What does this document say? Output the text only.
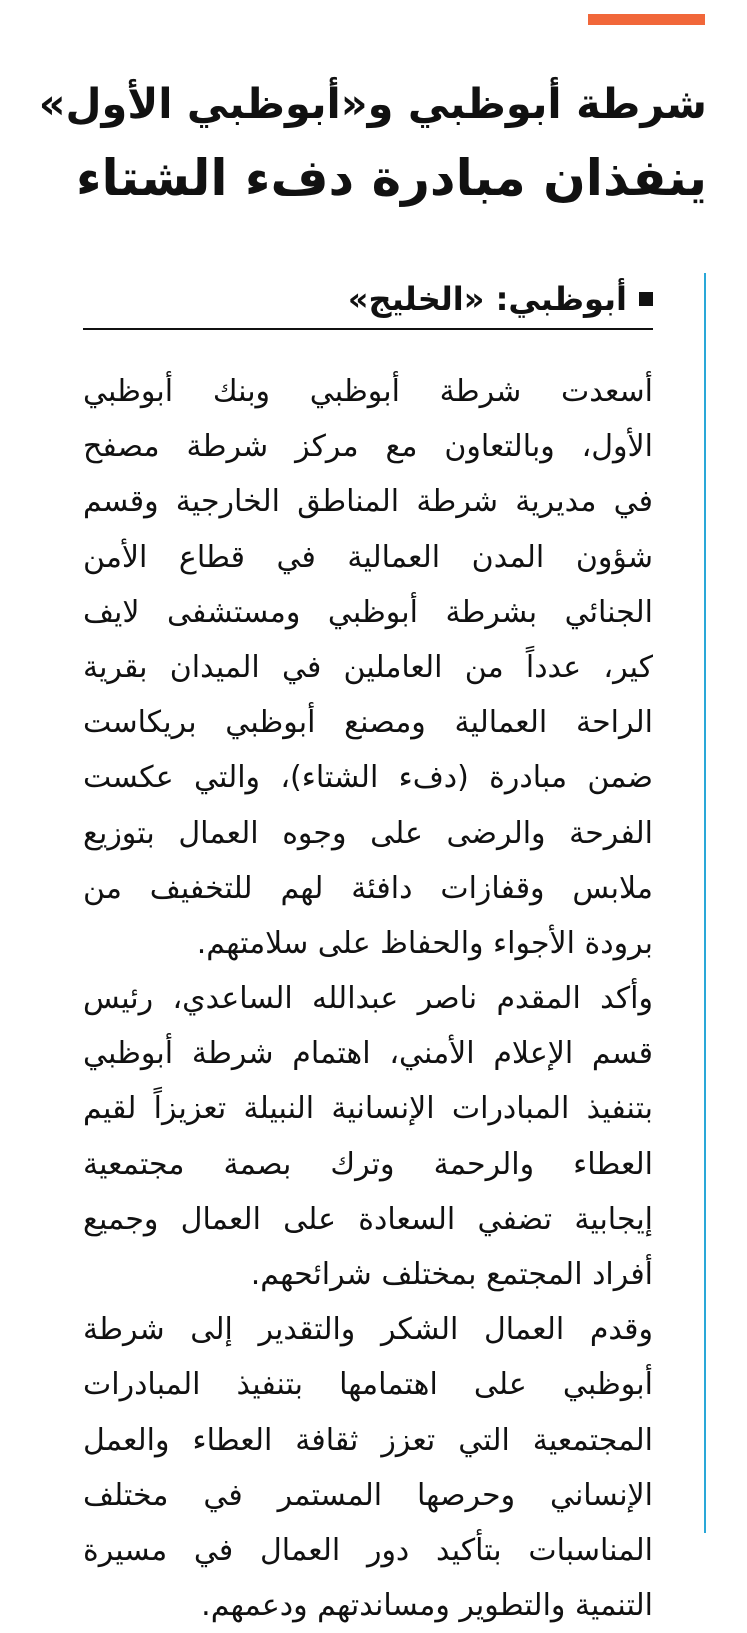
شرطة أبوظبي و«أبوظبي الأول»
ينفذان مبادرة دفء الشتاء
أبوظبي: «الخليج»
أسعدت شرطة أبوظبي وبنك أبوظبي
الأول، وبالتعاون مع مركز شرطة مصفح
في مديرية شرطة المناطق الخارجية وقسم
شؤون المدن العمالية في قطاع الأمن
الجنائي بشرطة أبوظبي ومستشفى لايف
كير، عدداً من العاملين في الميدان بقرية
الراحة العمالية ومصنع أبوظبي بريكاست
ضمن مبادرة (دفء الشتاء)، والتي عكست
الفرحة والرضى على وجوه العمال بتوزيع
ملابس وقفازات دافئة لهم للتخفيف من
برودة الأجواء والحفاظ على سلامتهم.
وأكد المقدم ناصر عبدالله الساعدي، رئيس
قسم الإعلام الأمني، اهتمام شرطة أبوظبي
بتنفيذ المبادرات الإنسانية النبيلة تعزيزاً لقيم
العطاء والرحمة وترك بصمة مجتمعية
إيجابية تضفي السعادة على العمال وجميع
أفراد المجتمع بمختلف شرائحهم.
وقدم العمال الشكر والتقدير إلى شرطة
أبوظبي على اهتمامها بتنفيذ المبادرات
المجتمعية التي تعزز ثقافة العطاء والعمل
الإنساني وحرصها المستمر في مختلف
المناسبات بتأكيد دور العمال في مسيرة
التنمية والتطوير ومساندتهم ودعمهم.
